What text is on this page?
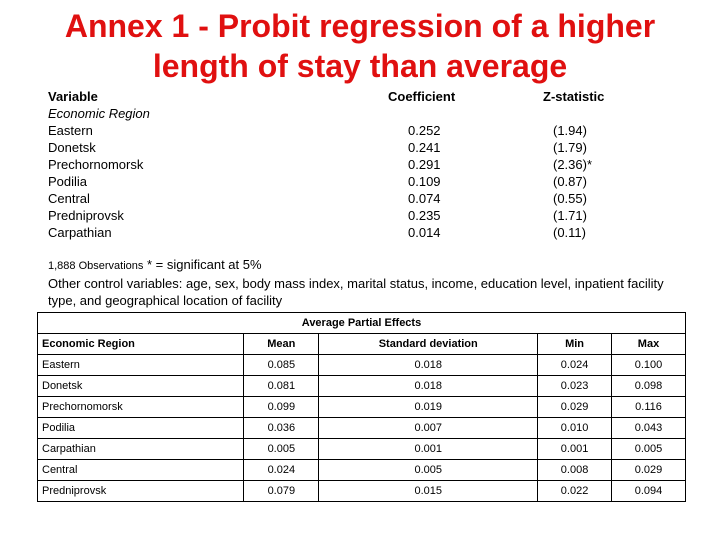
Annex 1 - Probit regression of a higher
length of stay than average
Variable	Coefficient	Z-statistic
Economic Region
Eastern	0.252	(1.94)
Donetsk	0.241	(1.79)
Prechornomorsk	0.291	(2.36)*
Podilia	0.109	(0.87)
Central	0.074	(0.55)
Predniprovsk	0.235	(1.71)
Carpathian	0.014	(0.11)
1,888 Observations * = significant at 5%
Other control variables: age, sex, body mass index, marital status, income, education level, inpatient facility type, and geographical location of facility
Average Partial Effects				
Economic Region	Mean	Standard deviation	Min	Max
Eastern	0.085	0.018	0.024	0.100
Donetsk	0.081	0.018	0.023	0.098
Prechornomorsk	0.099	0.019	0.029	0.116
Podilia	0.036	0.007	0.010	0.043
Carpathian	0.005	0.001	0.001	0.005
Central	0.024	0.005	0.008	0.029
Predniprovsk	0.079	0.015	0.022	0.094
